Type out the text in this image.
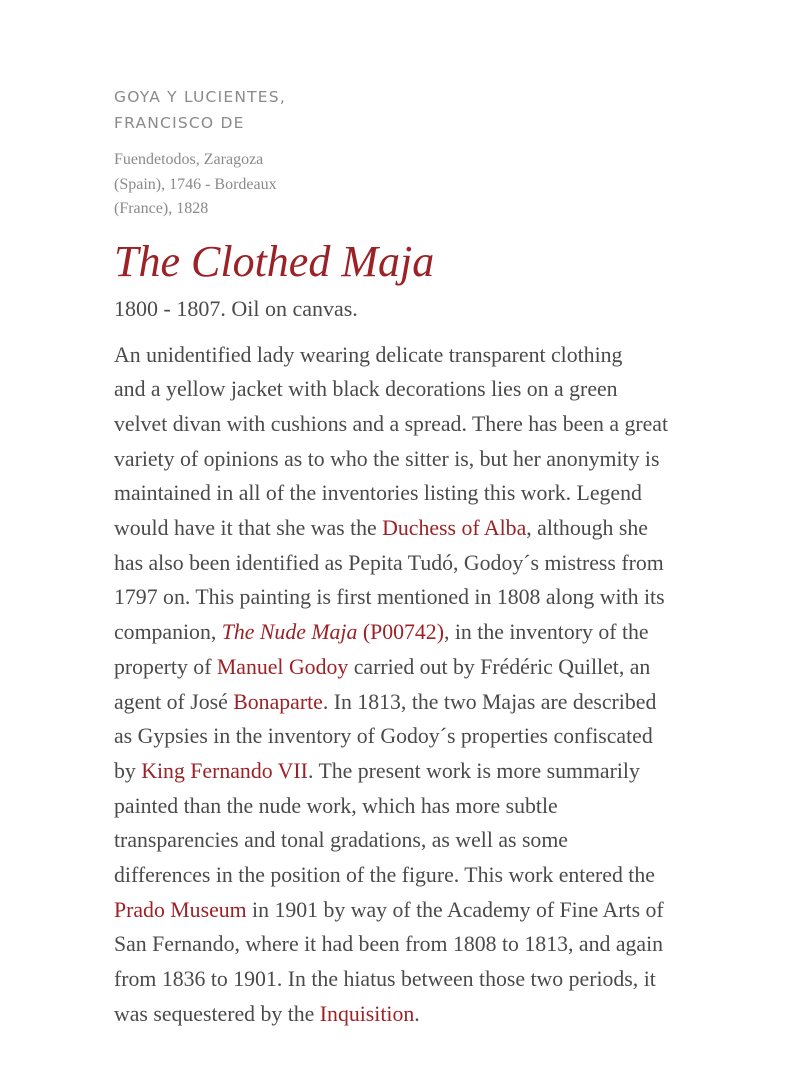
GOYA Y LUCIENTES,
FRANCISCO DE

Fuendetodos, Zaragoza
(Spain), 1746 - Bordeaux
(France), 1828

The Clothed Maja

1800 - 1807. Oil on canvas.

An unidentified lady wearing delicate transparent clothing
and a yellow jacket with black decorations lies on a green
velvet divan with cushions and a spread. There has been a great
variety of opinions as to who the sitter is, but her anonymity is
maintained in all of the inventories listing this work. Legend
would have it that she was the Duchess of Alba, although she
has also been identified as Pepita Tudó, Godoy´s mistress from
1797 on. This painting is first mentioned in 1808 along with its
companion, The Nude Maja (P00742), in the inventory of the
property of Manuel Godoy carried out by Frédéric Quillet, an
agent of José Bonaparte. In 1813, the two Majas are described
as Gypsies in the inventory of Godoy´s properties confiscated
by King Fernando VII. The present work is more summarily
painted than the nude work, which has more subtle
transparencies and tonal gradations, as well as some
differences in the position of the figure. This work entered the
Prado Museum in 1901 by way of the Academy of Fine Arts of
San Fernando, where it had been from 1808 to 1813, and again
from 1836 to 1901. In the hiatus between those two periods, it
was sequestered by the Inquisition.
